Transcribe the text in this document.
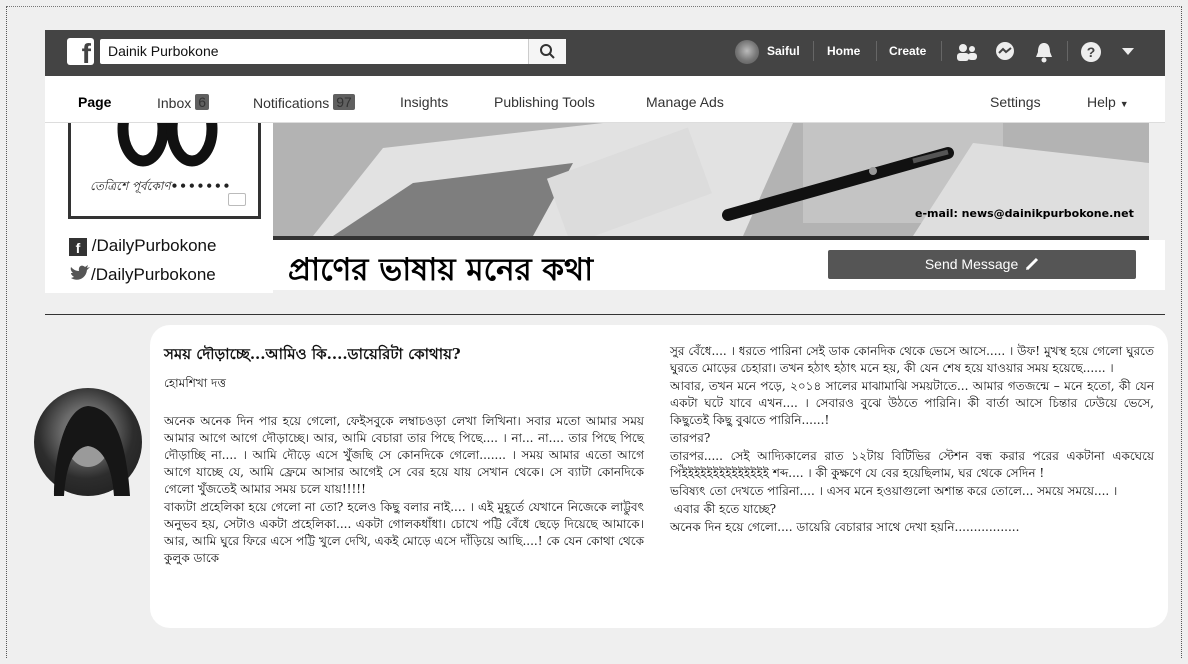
f Dainik Purbokone	Saiful Home Create	?
Page	Inbox 6	Notifications 97	Insights	Publishing Tools	Manage Ads	Settings	Help ▼
তেত্রিশে পূর্বকোণ•••••••
f /DailyPurbokone
/DailyPurbokone
e-mail: news@dainikpurbokone.net
প্রাণের ভাষায় মনের কথা	Send Message
সময় দৌড়াচ্ছে...আমিও কি....ডায়েরিটা কোথায়?
হোমশিখা দত্ত

অনেক অনেক দিন পার হয়ে গেলো, ফেইসবুকে লম্বাচওড়া লেখা লিখিনা। সবার মতো আমার সময় আমার আগে আগে দৌড়াচ্ছে। আর, আমি বেচারা তার পিছে পিছে.... । না... না.... তার পিছে পিছে দৌড়াচ্ছি না.... । আমি দৌড়ে এসে খুঁজছি সে কোনদিকে গেলো....... । সময় আমার এতো আগে আগে যাচ্ছে যে, আমি ফ্রেমে আসার আগেই সে বের হয়ে যায় সেখান থেকে। সে ব্যাটা কোনদিকে গেলো খুঁজতেই আমার সময় চলে যায়!!!!!

বাক্যটা প্রহেলিকা হয়ে গেলো না তো? হলেও কিছু বলার নাই.... । এই মুহূর্তে যেখানে নিজেকে লাট্টুবৎ অনুভব হয়, সেটাও একটা প্রহেলিকা.... একটা গোলকধাঁধা। চোখে পট্টি বেঁধে ছেড়ে দিয়েছে আমাকে। আর, আমি ঘুরে ফিরে এসে পট্টি খুলে দেখি, একই মোড়ে এসে দাঁড়িয়ে আছি....! কে যেন কোথা থেকে কুলুক ডাকে

সুর বেঁধে.... । ধরতে পারিনা সেই ডাক কোনদিক থেকে ভেসে আসে..... । উফ! মুখস্থ হয়ে গেলো ঘুরতে ঘুরতে মোড়ের চেহারা। তখন হঠাৎ হঠাৎ মনে হয়, কী যেন শেষ হয়ে যাওয়ার সময় হয়েছে...... ।

আবার, তখন মনে পড়ে, ২০১৪ সালের মাঝামাঝি সময়টাতে... আমার গতজন্মে – মনে হতো, কী যেন একটা ঘটে যাবে এখন.... । সেবারও বুঝে উঠতে পারিনি। কী বার্তা আসে চিন্তার ঢেউয়ে ভেসে, কিছুতেই কিছু বুঝতে পারিনি......!

তারপর?

তারপর..... সেই আদ্যিকালের রাত ১২টায় বিটিভির স্টেশন বন্ধ করার পরের একটানা একঘেয়ে পিঁইইইইইইইইইইইইইই শব্দ.... । কী কুক্ষণে যে বের হয়েছিলাম, ঘর থেকে সেদিন !

ভবিষ্যৎ তো দেখতে পারিনা.... । এসব মনে হওয়াগুলো অশান্ত করে তোলে... সময়ে সময়ে.... ।

এবার কী হতে যাচ্ছে?

অনেক দিন হয়ে গেলো.... ডায়েরি বেচারার সাথে দেখা হয়নি.................
